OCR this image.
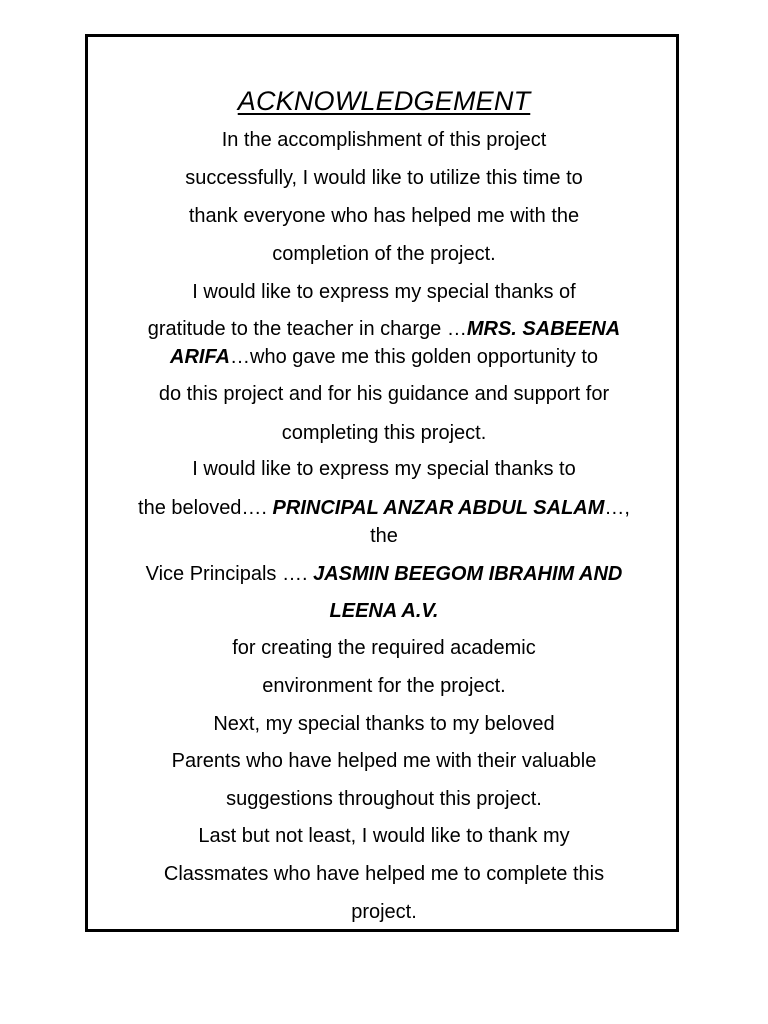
ACKNOWLEDGEMENT
In the accomplishment of this project
successfully, I would like to utilize this time to
thank everyone who has helped me with the
completion of the project.
I would like to express my special thanks of
gratitude to the teacher in charge …MRS. SABEENA
ARIFA…who gave me this golden opportunity to
do this project and for his guidance and support for
completing this project.
I would like to express my special thanks to
the beloved…. PRINCIPAL ANZAR ABDUL SALAM…,
the
Vice Principals …. JASMIN BEEGOM IBRAHIM AND
LEENA A.V.
for creating the required academic
environment for the project.
Next, my special thanks to my beloved
Parents who have helped me with their valuable
suggestions throughout this project.
Last but not least, I would like to thank my
Classmates who have helped me to complete this
project.
